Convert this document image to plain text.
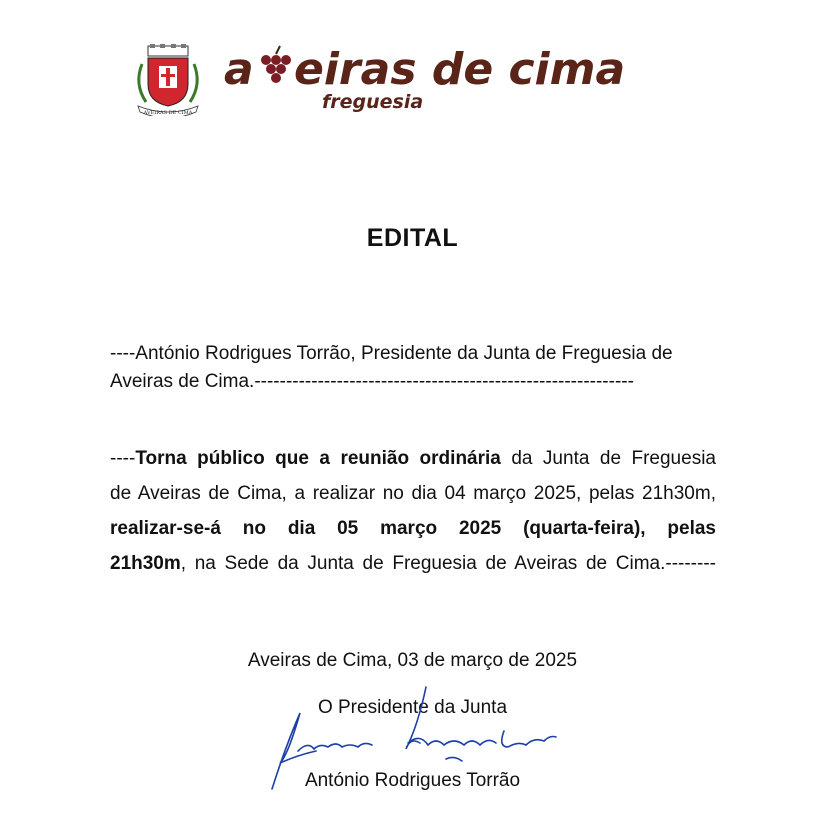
AVEIRAS DE CIMA
a eiras de cima
freguesia
EDITAL
----António Rodrigues Torrão, Presidente da Junta de Freguesia de
Aveiras de Cima.------------------------------------------------------------
----Torna público que a reunião ordinária da Junta de Freguesia
de Aveiras de Cima, a realizar no dia 04 março 2025, pelas 21h30m,
realizar-se-á no dia 05 março 2025 (quarta-feira), pelas
21h30m, na Sede da Junta de Freguesia de Aveiras de Cima.--------
Aveiras de Cima, 03 de março de 2025
O Presidente da Junta
António Rodrigues Torrão
